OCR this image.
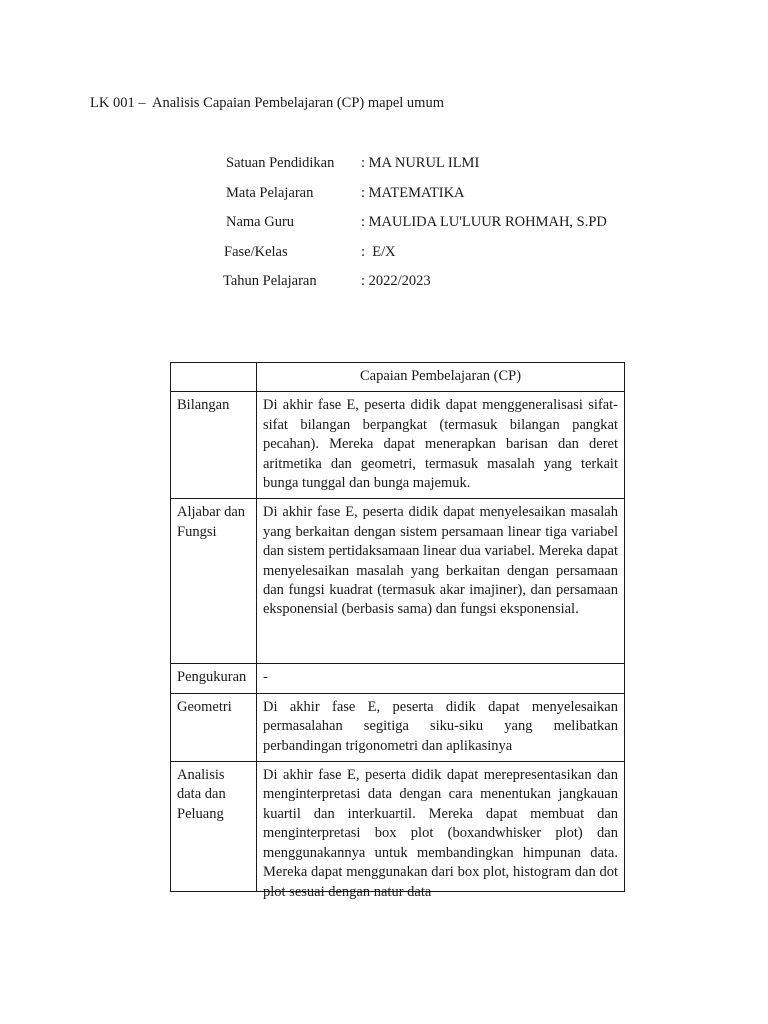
LK 001 –  Analisis Capaian Pembelajaran (CP) mapel umum
Satuan Pendidikan : MA NURUL ILMI
Mata Pelajaran	: MATEMATIKA
Nama Guru	: MAULIDA LU'LUUR ROHMAH, S.PD
Fase/Kelas	:  E/X
Tahun Pelajaran	: 2022/2023
	Capaian Pembelajaran (CP)
Bilangan	Di akhir fase E, peserta didik dapat menggeneralisasi sifat-sifat bilangan berpangkat (termasuk bilangan pangkat pecahan). Mereka dapat menerapkan barisan dan deret aritmetika dan geometri, termasuk masalah yang terkait bunga tunggal dan bunga majemuk.
Aljabar dan Fungsi	Di akhir fase E, peserta didik dapat menyelesaikan masalah yang berkaitan dengan sistem persamaan linear tiga variabel dan sistem pertidaksamaan linear dua variabel. Mereka dapat menyelesaikan masalah yang berkaitan dengan persamaan dan fungsi kuadrat (termasuk akar imajiner), dan persamaan eksponensial (berbasis sama) dan fungsi eksponensial.
Pengukuran	-
Geometri	Di akhir fase E, peserta didik dapat menyelesaikan permasalahan segitiga siku-siku yang melibatkan perbandingan trigonometri dan aplikasinya
Analisis data dan Peluang	Di akhir fase E, peserta didik dapat merepresentasikan dan menginterpretasi data dengan cara menentukan jangkauan kuartil dan interkuartil. Mereka dapat membuat dan menginterpretasi box plot (boxandwhisker plot) dan menggunakannya untuk membandingkan himpunan data. Mereka dapat menggunakan dari box plot, histogram dan dot plot sesuai dengan natur data
